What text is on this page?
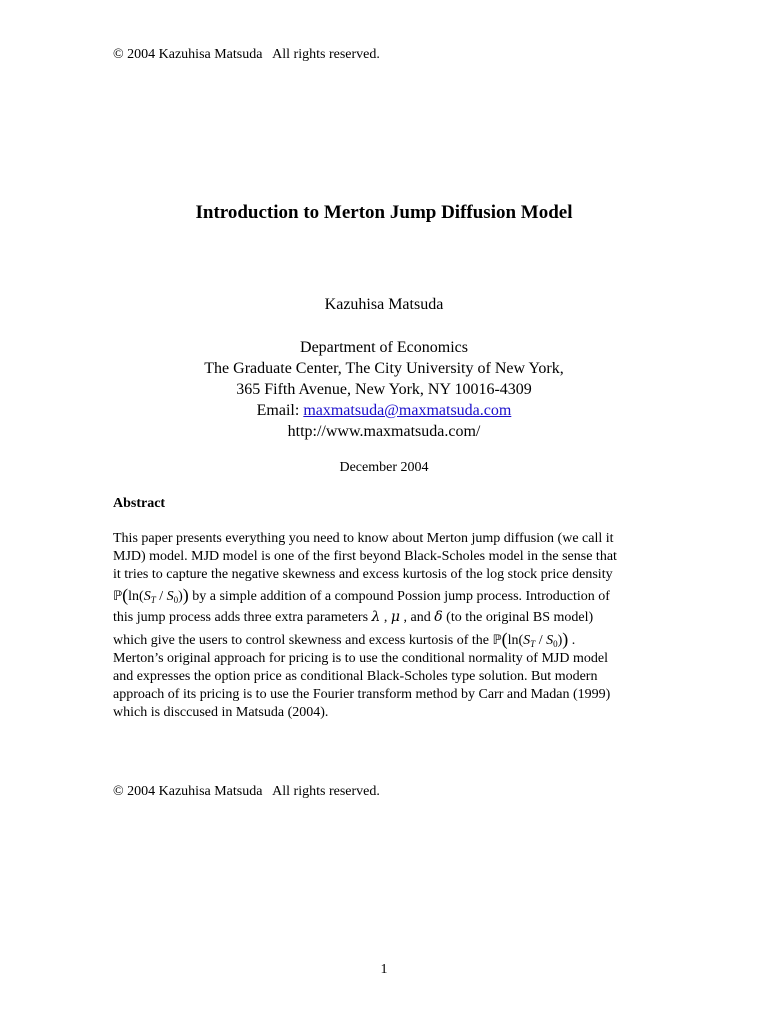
© 2004 Kazuhisa Matsuda   All rights reserved.
Introduction to Merton Jump Diffusion Model
Kazuhisa Matsuda
Department of Economics
The Graduate Center, The City University of New York,
365 Fifth Avenue, New York, NY 10016-4309
Email: maxmatsuda@maxmatsuda.com
http://www.maxmatsuda.com/
December 2004
Abstract
This paper presents everything you need to know about Merton jump diffusion (we call it
MJD) model. MJD model is one of the first beyond Black-Scholes model in the sense that
it tries to capture the negative skewness and excess kurtosis of the log stock price density
$ℙ(\ln(S_T / S_0))$ by a simple addition of a compound Possion jump process. Introduction of
this jump process adds three extra parameters λ , μ , and δ (to the original BS model)
which give the users to control skewness and excess kurtosis of the $ℙ(\ln(S_T / S_0))$ .
Merton’s original approach for pricing is to use the conditional normality of MJD model
and expresses the option price as conditional Black-Scholes type solution. But modern
approach of its pricing is to use the Fourier transform method by Carr and Madan (1999)
which is disccused in Matsuda (2004).
© 2004 Kazuhisa Matsuda   All rights reserved.
1
